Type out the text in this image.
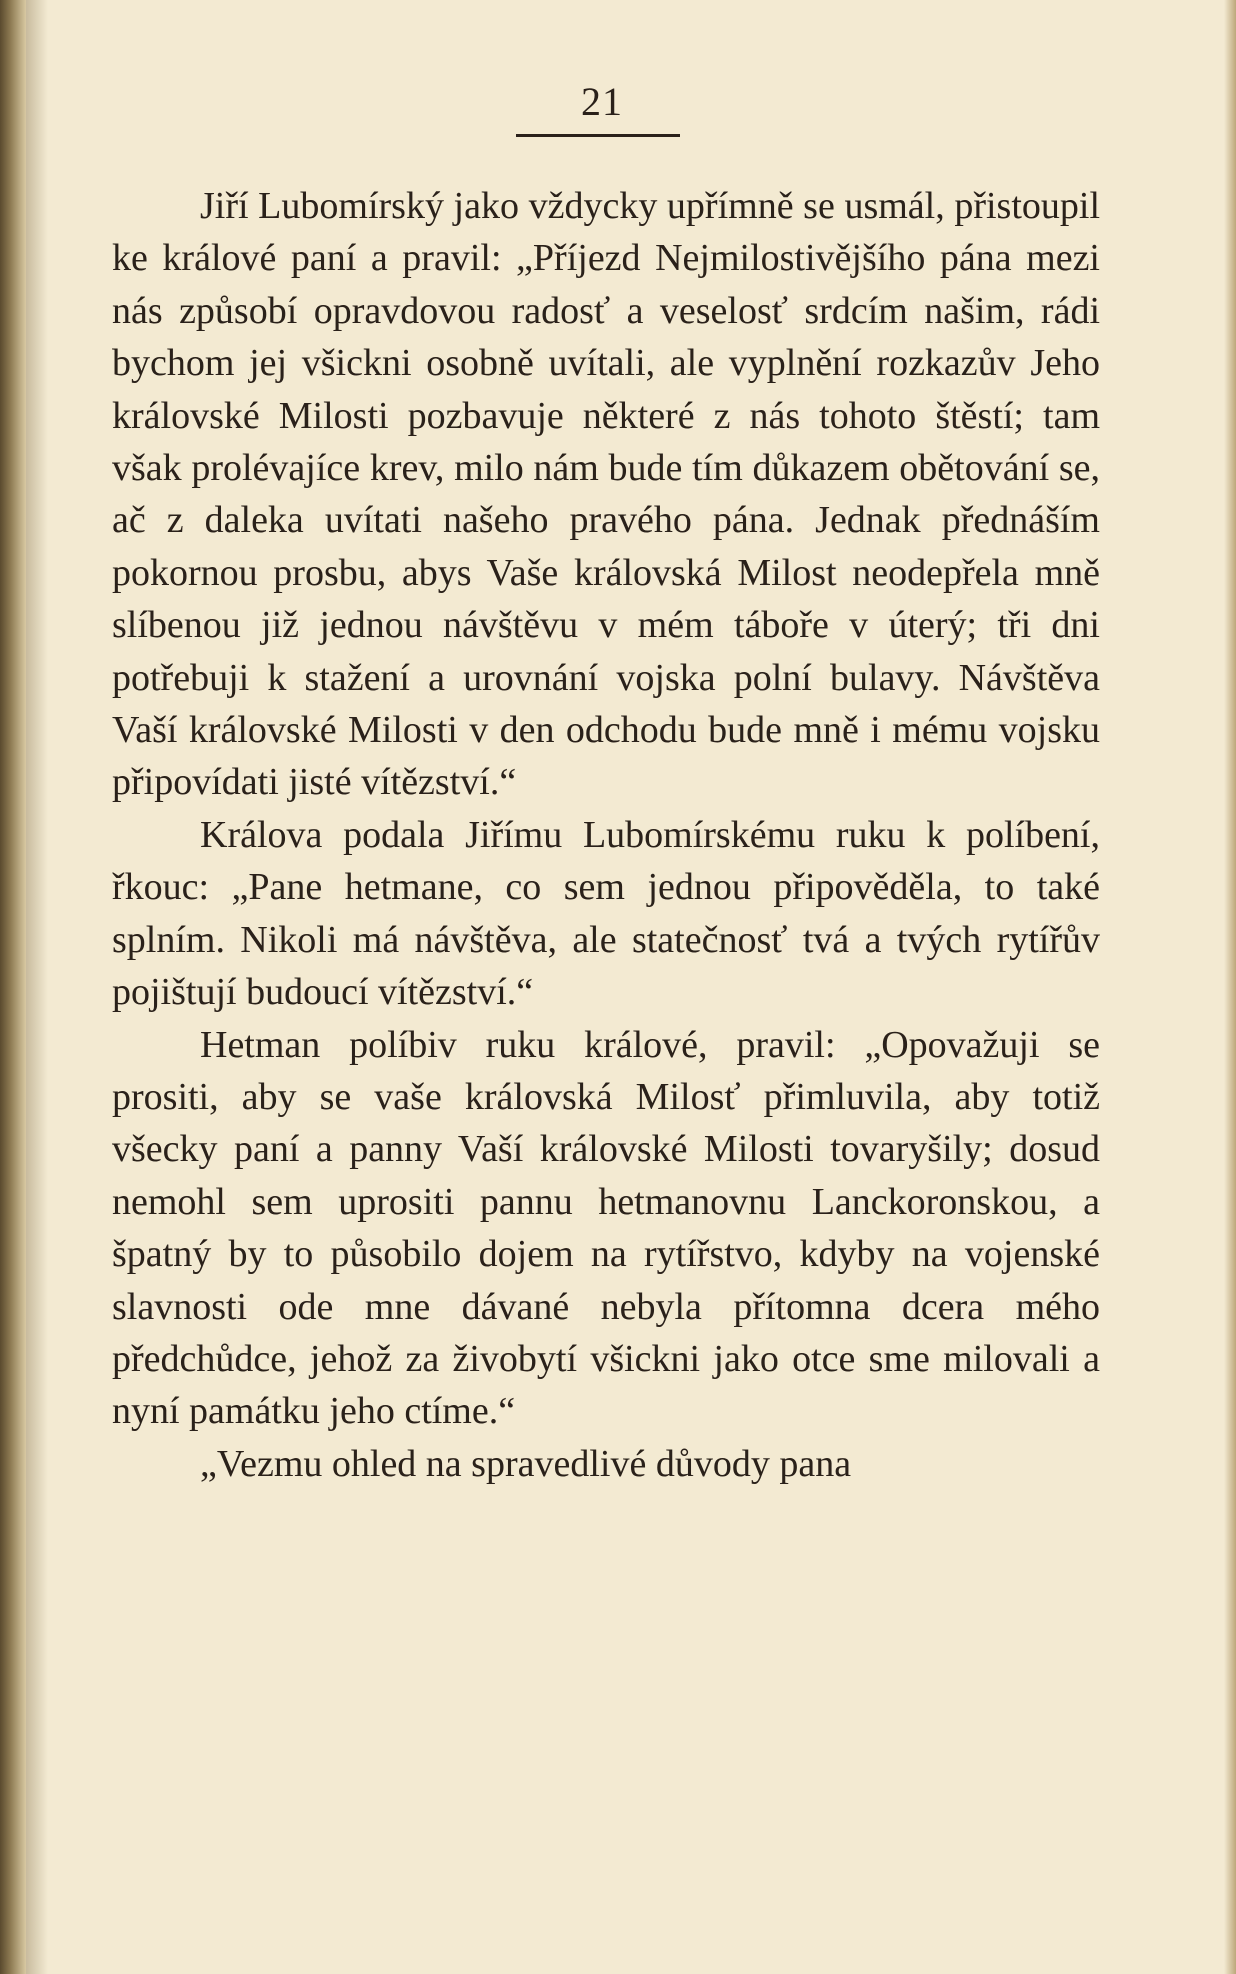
21

Jiří Lubomírský jako vždycky upřímně se usmál, přistoupil ke králové paní a pravil: „Příjezd Nejmilostivějšího pána mezi nás způsobí opravdovou radosť a veselosť srdcím našim, rádi bychom jej všickni osobně uvítali, ale vyplnění rozkazův Jeho královské Milosti pozbavuje některé z nás tohoto štěstí; tam však prolévajíce krev, milo nám bude tím důkazem obětování se, ač z daleka uvítati našeho pravého pána. Jednak přednáším pokornou prosbu, abys Vaše královská Milost neodepřela mně slíbenou již jednou návštěvu v mém táboře v úterý; tři dni potřebuji k stažení a urovnání vojska polní bulavy. Návštěva Vaší královské Milosti v den odchodu bude mně i mému vojsku připovídati jisté vítězství.“

Králova podala Jiřímu Lubomírskému ruku k políbení, řkouc: „Pane hetmane, co sem jednou připověděla, to také splním. Nikoli má návštěva, ale statečnosť tvá a tvých rytířův pojištují budoucí vítězství.“

Hetman políbiv ruku králové, pravil: „Opovažuji se prositi, aby se vaše královská Milosť přimluvila, aby totiž všecky paní a panny Vaší královské Milosti tovaryšily; dosud nemohl sem uprositi pannu hetmanovnu Lanckoronskou, a špatný by to působilo dojem na rytířstvo, kdyby na vojenské slavnosti ode mne dávané nebyla přítomna dcera mého předchůdce, jehož za živobytí všickni jako otce sme milovali a nyní památku jeho ctíme.“

„Vezmu ohled na spravedlivé důvody pana
